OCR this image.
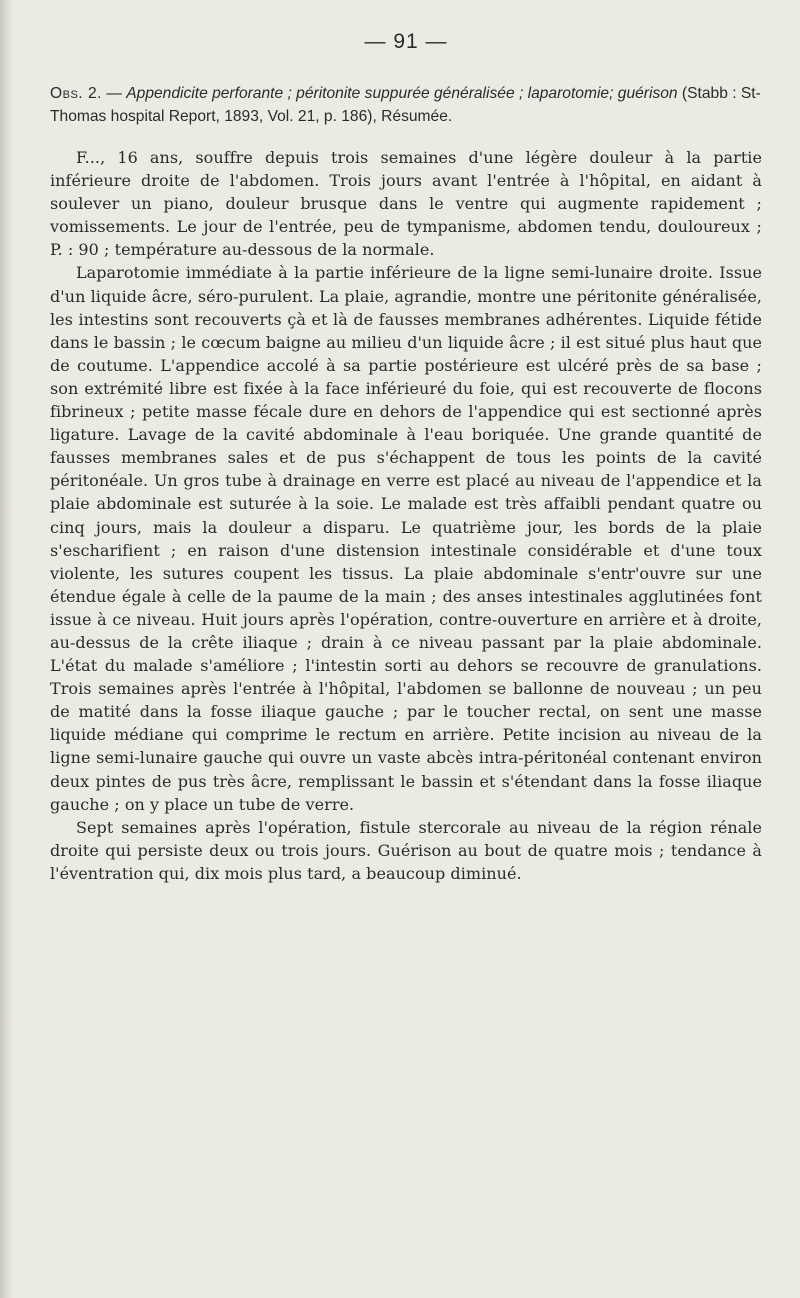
— 91 —

Obs. 2. — Appendicite perforante ; péritonite suppurée généralisée ; laparotomie; guérison (Stabb : St-Thomas hospital Report, 1893, Vol. 21, p. 186), Résumée.

F..., 16 ans, souffre depuis trois semaines d'une légère douleur à la partie inférieure droite de l'abdomen. Trois jours avant l'entrée à l'hôpital, en aidant à soulever un piano, douleur brusque dans le ventre qui augmente rapidement ; vomissements. Le jour de l'entrée, peu de tympanisme, abdomen tendu, douloureux ; P. : 90 ; température au-dessous de la normale.

Laparotomie immédiate à la partie inférieure de la ligne semi-lunaire droite. Issue d'un liquide âcre, séro-purulent. La plaie, agrandie, montre une péritonite généralisée, les intestins sont recouverts çà et là de fausses membranes adhérentes. Liquide fétide dans le bassin ; le cœcum baigne au milieu d'un liquide âcre ; il est situé plus haut que de coutume. L'appendice accolé à sa partie postérieure est ulcéré près de sa base ; son extrémité libre est fixée à la face inférieuré du foie, qui est recouverte de flocons fibrineux ; petite masse fécale dure en dehors de l'appendice qui est sectionné après ligature. Lavage de la cavité abdominale à l'eau boriquée. Une grande quantité de fausses membranes sales et de pus s'échappent de tous les points de la cavité péritonéale. Un gros tube à drainage en verre est placé au niveau de l'appendice et la plaie abdominale est suturée à la soie. Le malade est très affaibli pendant quatre ou cinq jours, mais la douleur a disparu. Le quatrième jour, les bords de la plaie s'escharifient ; en raison d'une distension intestinale considérable et d'une toux violente, les sutures coupent les tissus. La plaie abdominale s'entr'ouvre sur une étendue égale à celle de la paume de la main ; des anses intestinales agglutinées font issue à ce niveau. Huit jours après l'opération, contre-ouverture en arrière et à droite, au-dessus de la crête iliaque ; drain à ce niveau passant par la plaie abdominale. L'état du malade s'améliore ; l'intestin sorti au dehors se recouvre de granulations. Trois semaines après l'entrée à l'hôpital, l'abdomen se ballonne de nouveau ; un peu de matité dans la fosse iliaque gauche ; par le toucher rectal, on sent une masse liquide médiane qui comprime le rectum en arrière. Petite incision au niveau de la ligne semi-lunaire gauche qui ouvre un vaste abcès intra-péritonéal contenant environ deux pintes de pus très âcre, remplissant le bassin et s'étendant dans la fosse iliaque gauche ; on y place un tube de verre.

Sept semaines après l'opération, fistule stercorale au niveau de la région rénale droite qui persiste deux ou trois jours. Guérison au bout de quatre mois ; tendance à l'éventration qui, dix mois plus tard, a beaucoup diminué.
